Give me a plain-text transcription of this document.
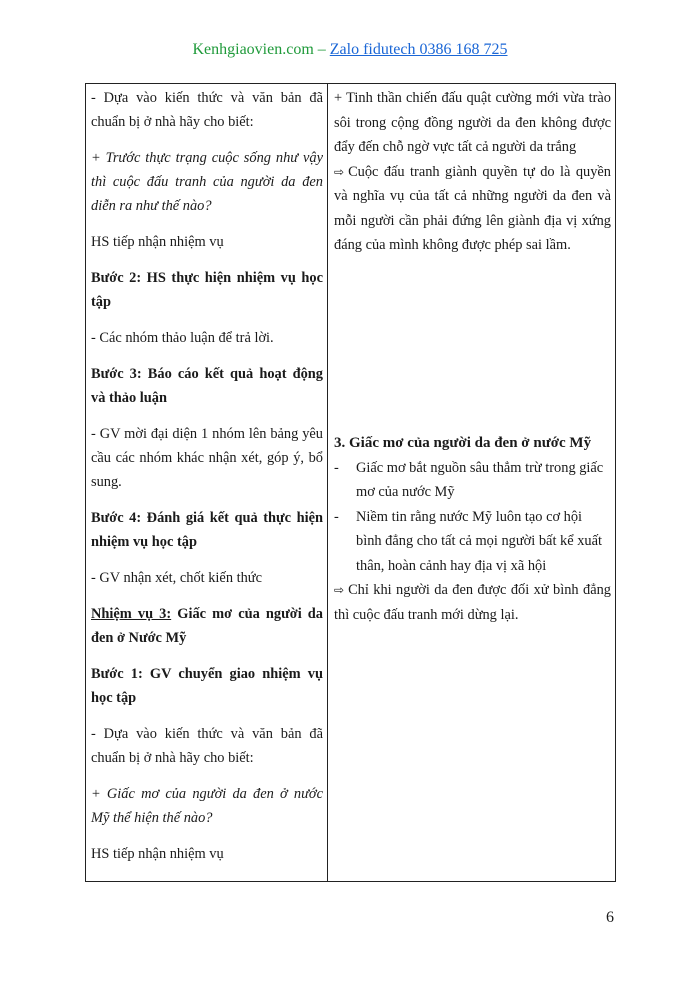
Kenhgiaovien.com – Zalo fidutech 0386 168 725

- Dựa vào kiến thức và văn bản đã chuẩn bị ở nhà hãy cho biết:

+ Trước thực trạng cuộc sống như vậy thì cuộc đấu tranh của người da đen diễn ra như thế nào?

HS tiếp nhận nhiệm vụ

Bước 2: HS thực hiện nhiệm vụ học tập

- Các nhóm thảo luận để trả lời.

Bước 3: Báo cáo kết quả hoạt động và thảo luận

- GV mời đại diện 1 nhóm lên bảng yêu cầu các nhóm khác nhận xét, góp ý, bổ sung.

Bước 4: Đánh giá kết quả thực hiện nhiệm vụ học tập

- GV nhận xét, chốt kiến thức

Nhiệm vụ 3: Giấc mơ của người da đen ở Nước Mỹ

Bước 1: GV chuyển giao nhiệm vụ học tập

- Dựa vào kiến thức và văn bản đã chuẩn bị ở nhà hãy cho biết:

+ Giấc mơ của người da đen ở nước Mỹ thể hiện thế nào?

HS tiếp nhận nhiệm vụ

+ Tinh thần chiến đấu quật cường mới vừa trào sôi trong cộng đồng người da đen không được đẩy đến chỗ ngờ vực tất cả người da trắng

⇨ Cuộc đấu tranh giành quyền tự do là quyền và nghĩa vụ của tất cả những người da đen và mỗi người cần phải đứng lên giành địa vị xứng đáng của mình không được phép sai lầm.

3. Giấc mơ của người da đen ở nước Mỹ

-	Giấc mơ bắt nguồn sâu thẳm trừ trong giấc mơ của nước Mỹ
-	Niềm tin rằng nước Mỹ luôn tạo cơ hội bình đẳng cho tất cả mọi người bất kể xuất thân, hoàn cảnh hay địa vị xã hội

⇨ Chỉ khi người da đen được đối xử bình đẳng thì cuộc đấu tranh mới dừng lại.

6
